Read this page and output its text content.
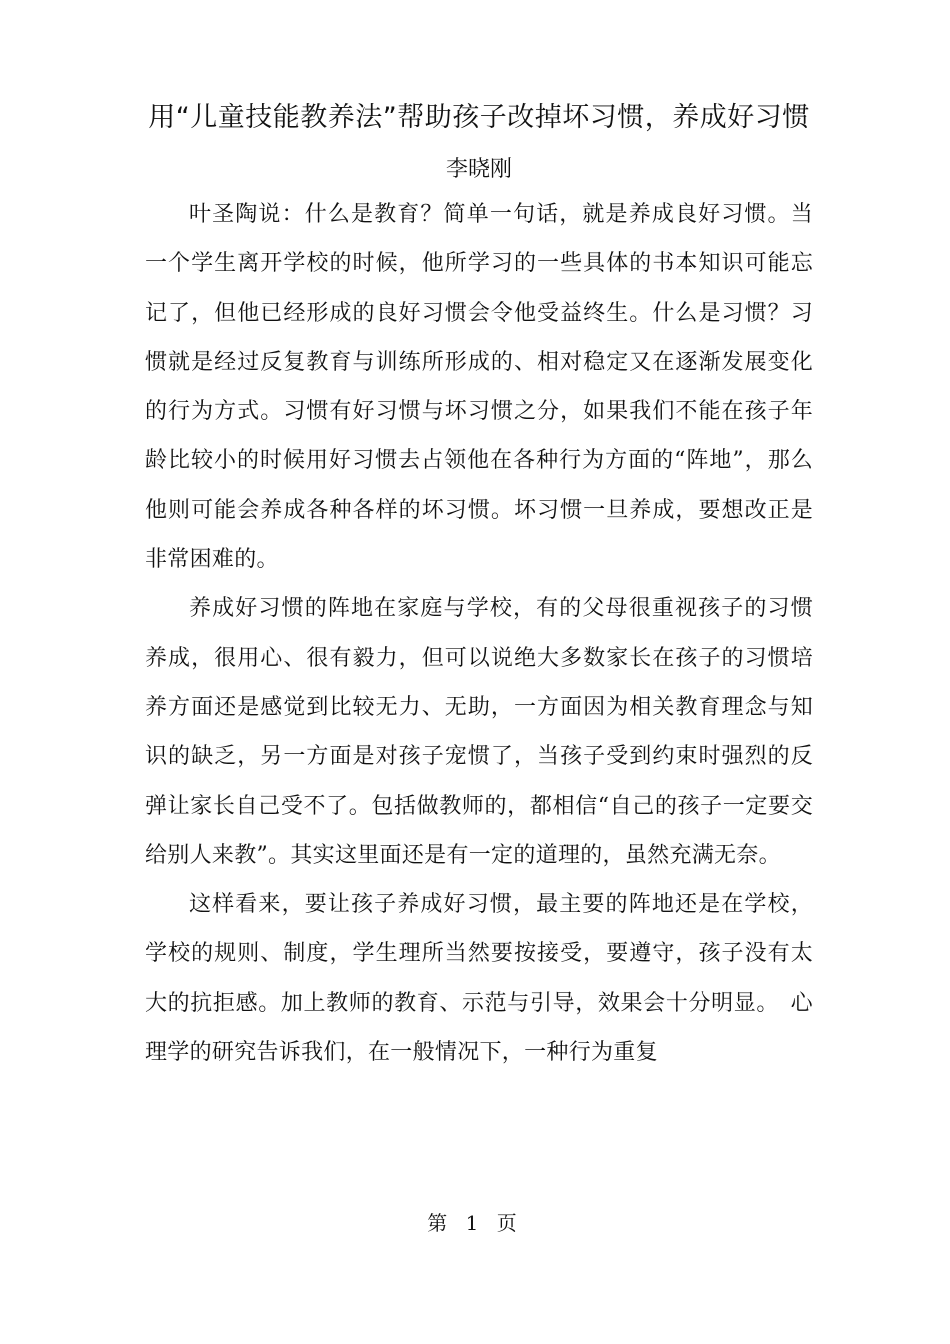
用“儿童技能教养法”帮助孩子改掉坏习惯，养成好习惯
李晓刚

叶圣陶说：什么是教育？简单一句话，就是养成良好习惯。当一个学生离开学校的时候，他所学习的一些具体的书本知识可能忘记了，但他已经形成的良好习惯会令他受益终生。什么是习惯？习惯就是经过反复教育与训练所形成的、相对稳定又在逐渐发展变化的行为方式。习惯有好习惯与坏习惯之分，如果我们不能在孩子年龄比较小的时候用好习惯去占领他在各种行为方面的“阵地”，那么他则可能会养成各种各样的坏习惯。坏习惯一旦养成，要想改正是非常困难的。

养成好习惯的阵地在家庭与学校，有的父母很重视孩子的习惯养成，很用心、很有毅力，但可以说绝大多数家长在孩子的习惯培养方面还是感觉到比较无力、无助，一方面因为相关教育理念与知识的缺乏，另一方面是对孩子宠惯了，当孩子受到约束时强烈的反弹让家长自己受不了。包括做教师的，都相信“自己的孩子一定要交给别人来教”。其实这里面还是有一定的道理的，虽然充满无奈。

这样看来，要让孩子养成好习惯，最主要的阵地还是在学校，学校的规则、制度，学生理所当然要按接受，要遵守，孩子没有太大的抗拒感。加上教师的教育、示范与引导，效果会十分明显。　心理学的研究告诉我们，在一般情况下，一种行为重复

第 1 页
